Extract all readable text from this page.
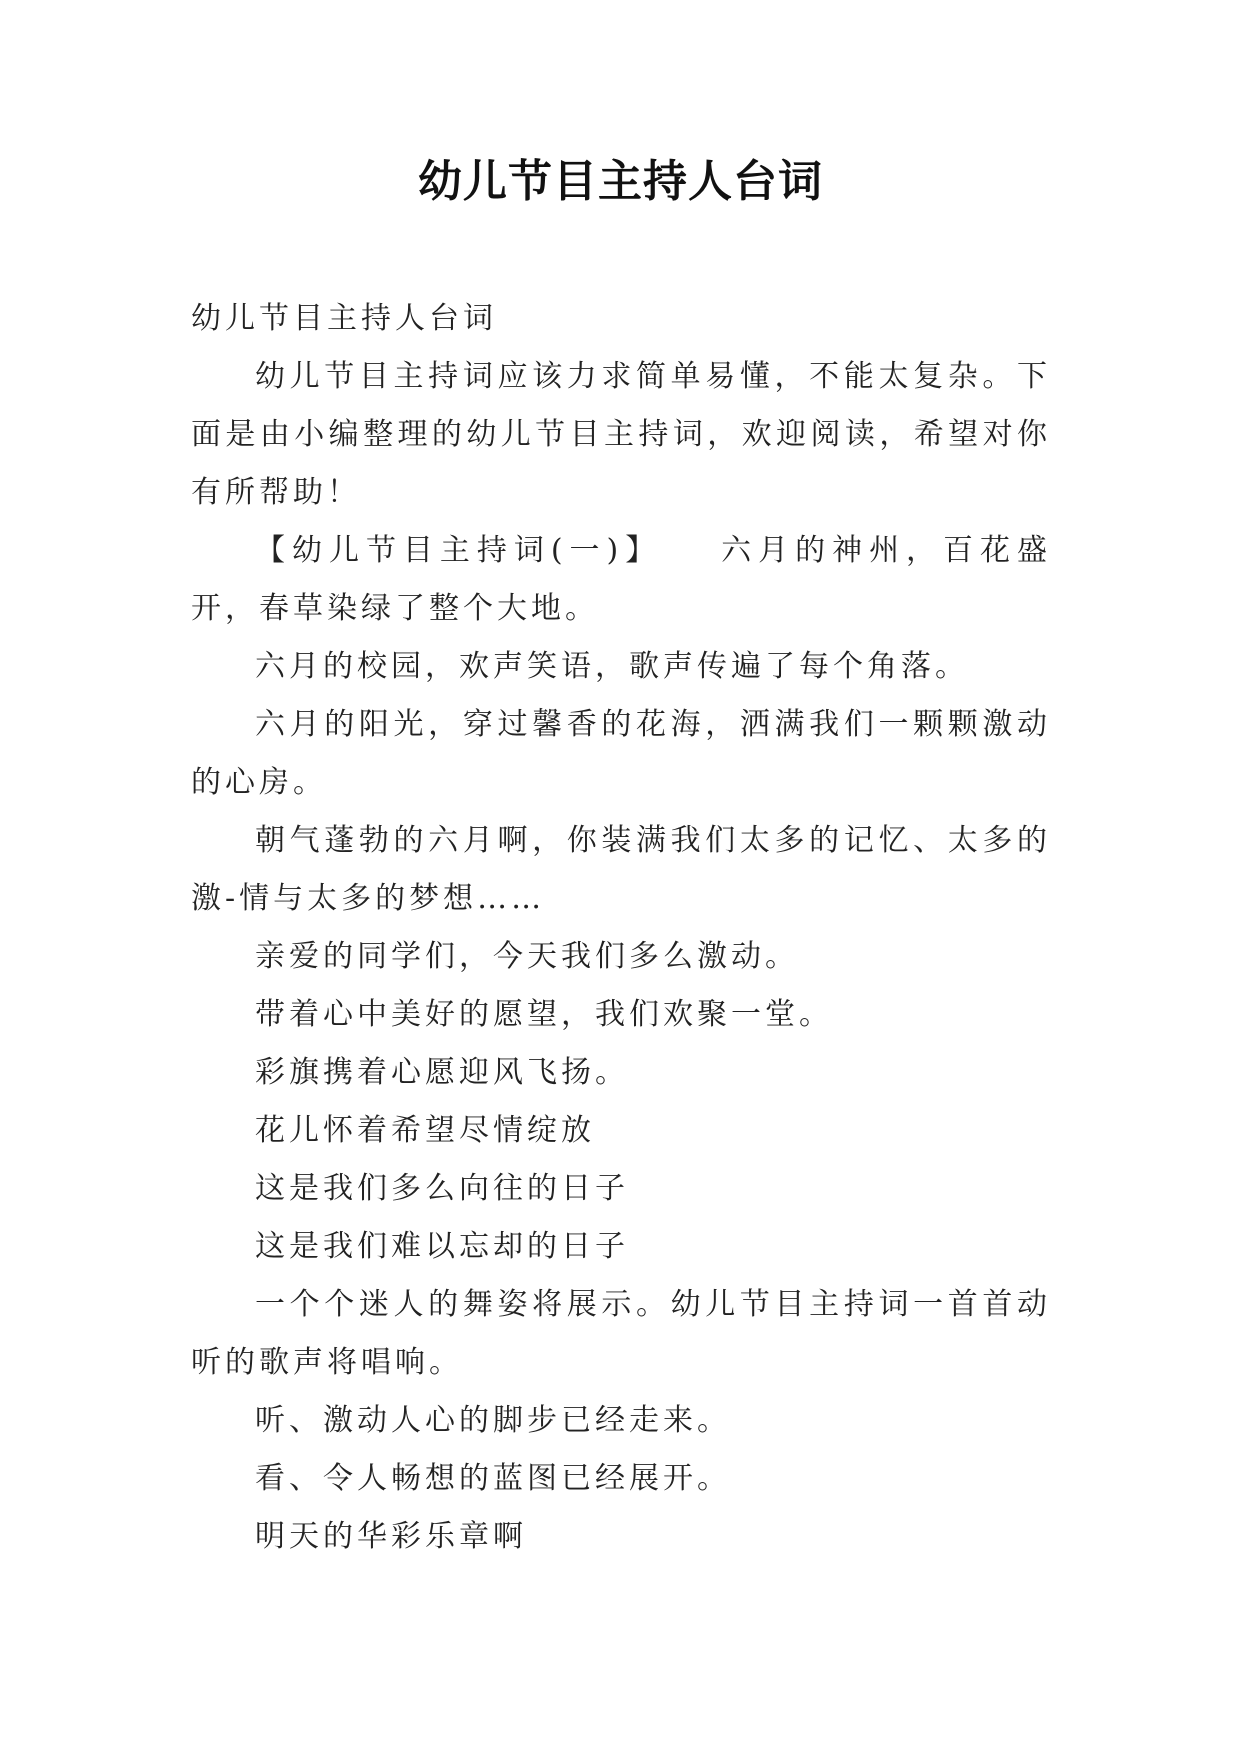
幼儿节目主持人台词

幼儿节目主持人台词

幼儿节目主持词应该力求简单易懂，不能太复杂。下面是由小编整理的幼儿节目主持词，欢迎阅读，希望对你有所帮助！

【幼儿节目主持词(一)】　　六月的神州，百花盛开，春草染绿了整个大地。

六月的校园，欢声笑语，歌声传遍了每个角落。

六月的阳光，穿过馨香的花海，洒满我们一颗颗激动的心房。

朝气蓬勃的六月啊，你装满我们太多的记忆、太多的激-情与太多的梦想……

亲爱的同学们，今天我们多么激动。

带着心中美好的愿望，我们欢聚一堂。

彩旗携着心愿迎风飞扬。

花儿怀着希望尽情绽放

这是我们多么向往的日子

这是我们难以忘却的日子

一个个迷人的舞姿将展示。幼儿节目主持词一首首动听的歌声将唱响。

听、激动人心的脚步已经走来。

看、令人畅想的蓝图已经展开。

明天的华彩乐章啊
